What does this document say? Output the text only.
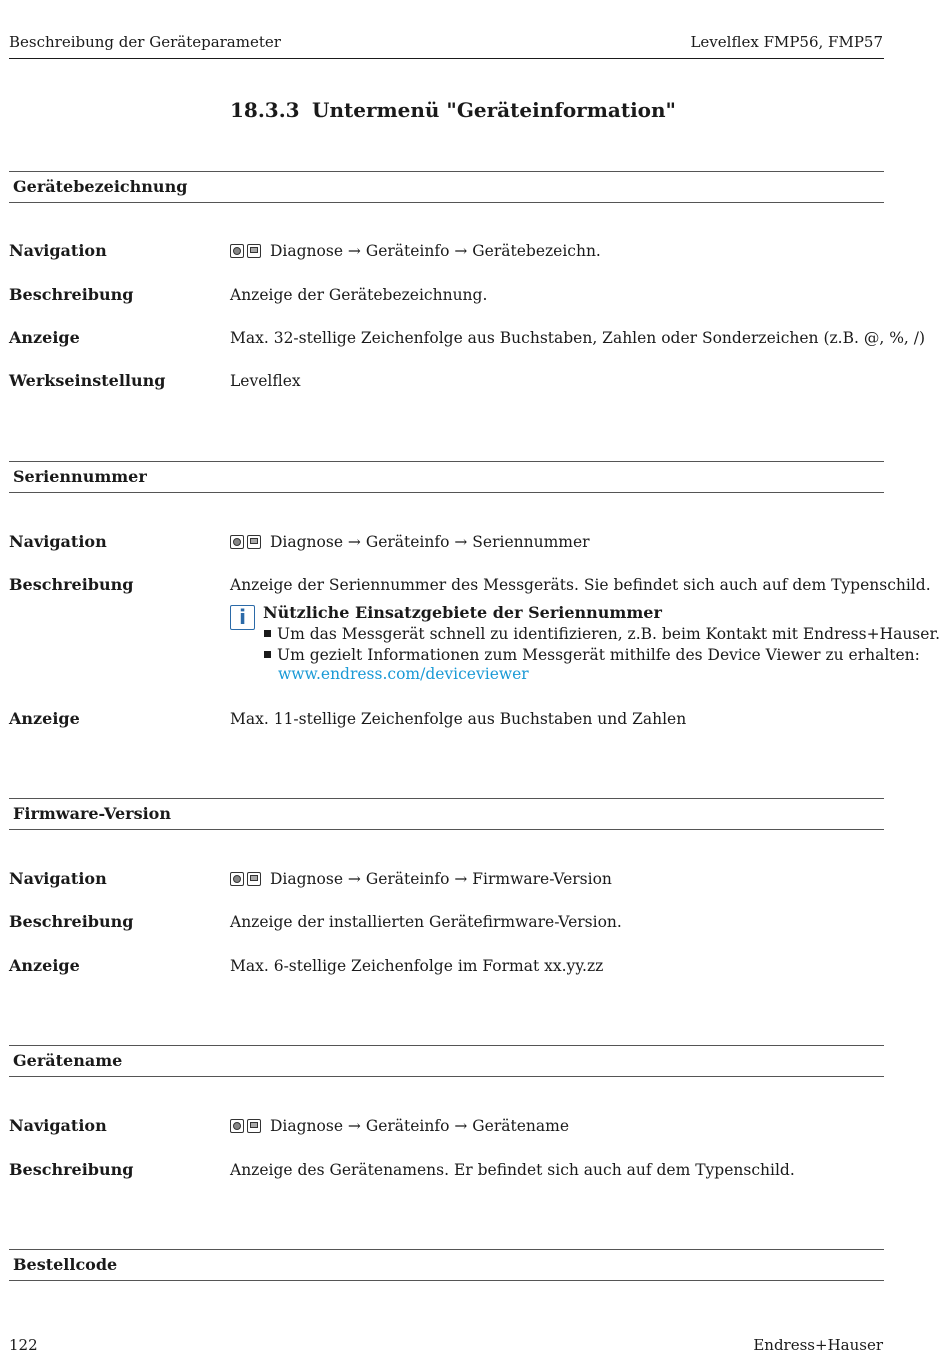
Beschreibung der Geräteparameter	Levelflex FMP56, FMP57
18.3.3 Untermenü "Geräteinformation"
Gerätebezeichnung
Navigation	Diagnose → Geräteinfo → Gerätebezeichn.
Beschreibung	Anzeige der Gerätebezeichnung.
Anzeige	Max. 32-stellige Zeichenfolge aus Buchstaben, Zahlen oder Sonderzeichen (z.B. @, %, /)
Werkseinstellung	Levelflex
Seriennummer
Navigation	Diagnose → Geräteinfo → Seriennummer
Beschreibung	Anzeige der Seriennummer des Messgeräts. Sie befindet sich auch auf dem Typenschild.
i	Nützliche Einsatzgebiete der Seriennummer
Um das Messgerät schnell zu identifizieren, z.B. beim Kontakt mit Endress+Hauser.
Um gezielt Informationen zum Messgerät mithilfe des Device Viewer zu erhalten:
www.endress.com/deviceviewer
Anzeige	Max. 11-stellige Zeichenfolge aus Buchstaben und Zahlen
Firmware-Version
Navigation	Diagnose → Geräteinfo → Firmware-Version
Beschreibung	Anzeige der installierten Gerätefirmware-Version.
Anzeige	Max. 6-stellige Zeichenfolge im Format xx.yy.zz
Gerätename
Navigation	Diagnose → Geräteinfo → Gerätename
Beschreibung	Anzeige des Gerätenamens. Er befindet sich auch auf dem Typenschild.
Bestellcode
122	Endress+Hauser
